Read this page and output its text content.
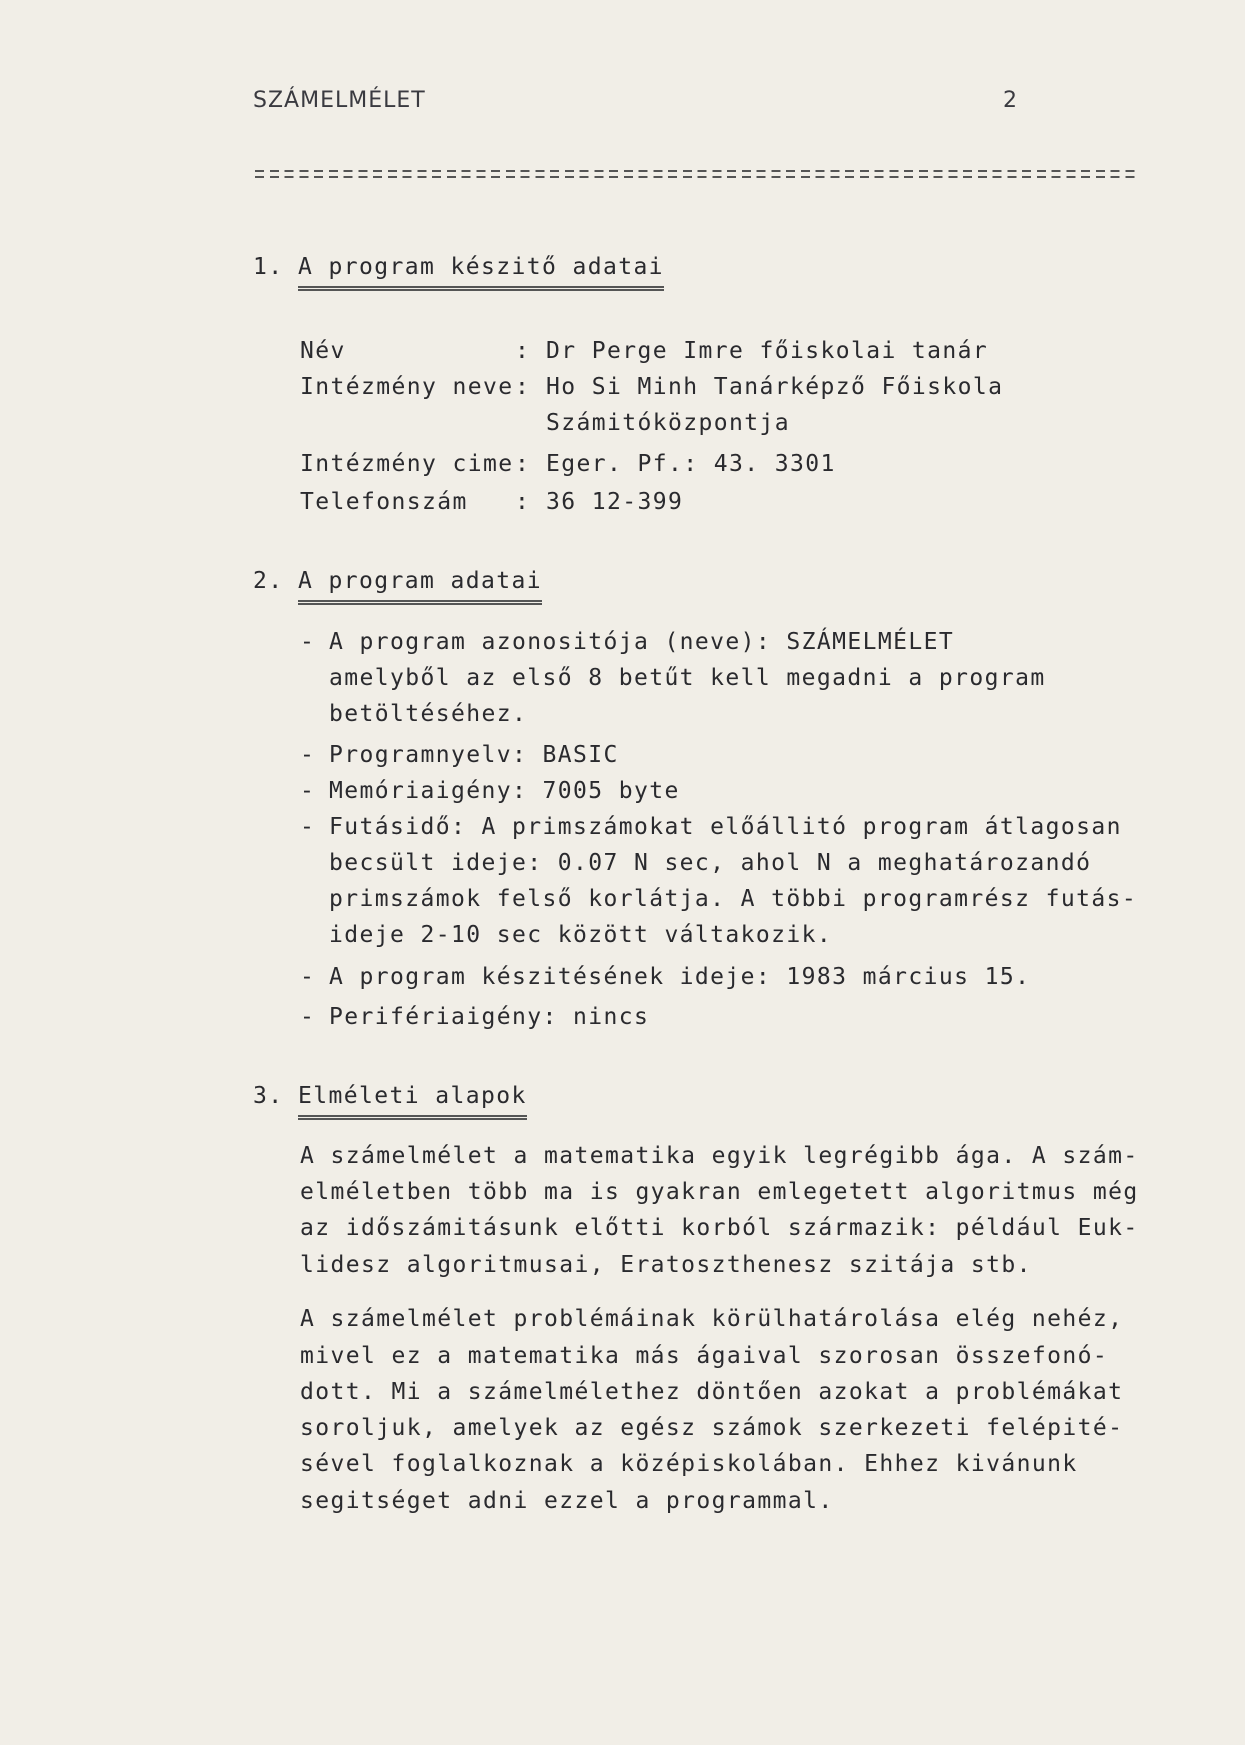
SZÁMELMÉLET	2
1. A program készitő adatai
Név	: Dr Perge Imre főiskolai tanár
Intézmény neve : Ho Si Minh Tanárképző Főiskola
Számitóközpontja
Intézmény cime : Eger. Pf.: 43. 3301
Telefonszám : 36 12-399
2. A program adatai
- A program azonositója (neve): SZÁMELMÉLET
amelyből az első 8 betűt kell megadni a program
betöltéséhez.
- Programnyelv: BASIC
- Memóriaigény: 7005 byte
- Futásidő: A primszámokat előállitó program átlagosan
becsült ideje: 0.07 N sec, ahol N a meghatározandó
primszámok felső korlátja. A többi programrész futás-
ideje 2-10 sec között váltakozik.
- A program készitésének ideje: 1983 március 15.
- Perifériaigény: nincs
3. Elméleti alapok
A számelmélet a matematika egyik legrégibb ága. A szám-
elméletben több ma is gyakran emlegetett algoritmus még
az időszámitásunk előtti korból származik: például Euk-
lidesz algoritmusai, Eratoszthenesz szitája stb.
A számelmélet problémáinak körülhatárolása elég nehéz,
mivel ez a matematika más ágaival szorosan összefonó-
dott. Mi a számelmélethez döntően azokat a problémákat
soroljuk, amelyek az egész számok szerkezeti felépité-
sével foglalkoznak a középiskolában. Ehhez kivánunk
segitséget adni ezzel a programmal.
